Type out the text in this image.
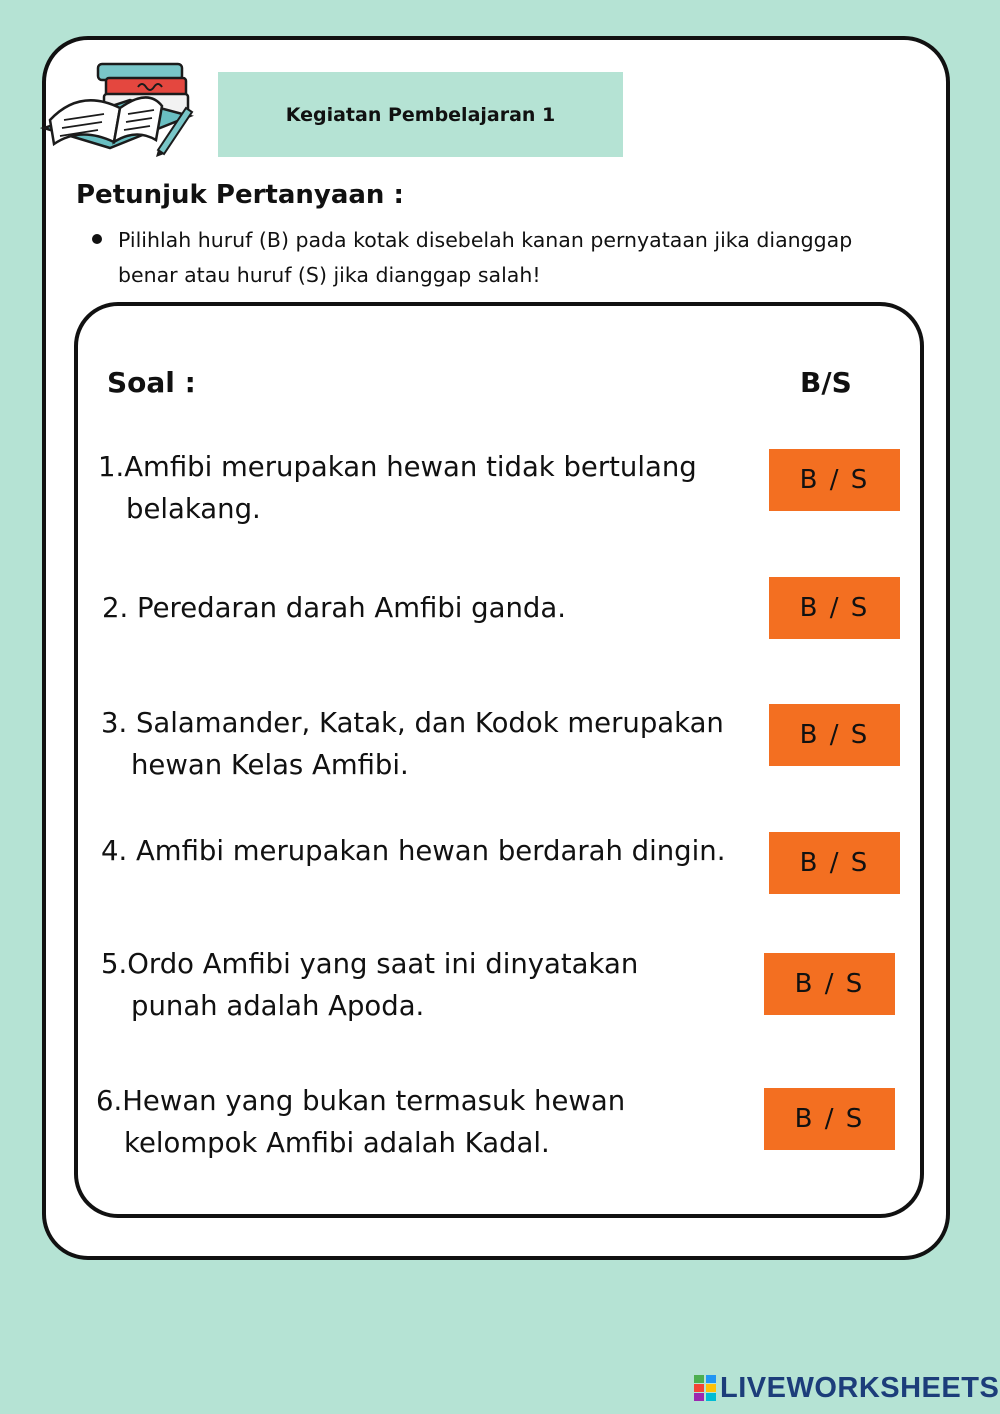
Kegiatan Pembelajaran 1
Petunjuk Pertanyaan :
Pilihlah huruf (B) pada kotak disebelah kanan pernyataan jika dianggap benar atau huruf (S) jika dianggap salah!
Soal :	B/S
1.Amfibi merupakan hewan tidak bertulang
belakang.
B / S
2. Peredaran darah Amfibi ganda.	B / S
3. Salamander, Katak, dan Kodok merupakan
hewan Kelas Amfibi.
B / S
4. Amfibi merupakan hewan berdarah dingin.	B / S
5.Ordo Amfibi yang saat ini dinyatakan
punah adalah Apoda.
B / S
6.Hewan yang bukan termasuk hewan
kelompok Amfibi adalah Kadal.
B / S
LIVEWORKSHEETS
